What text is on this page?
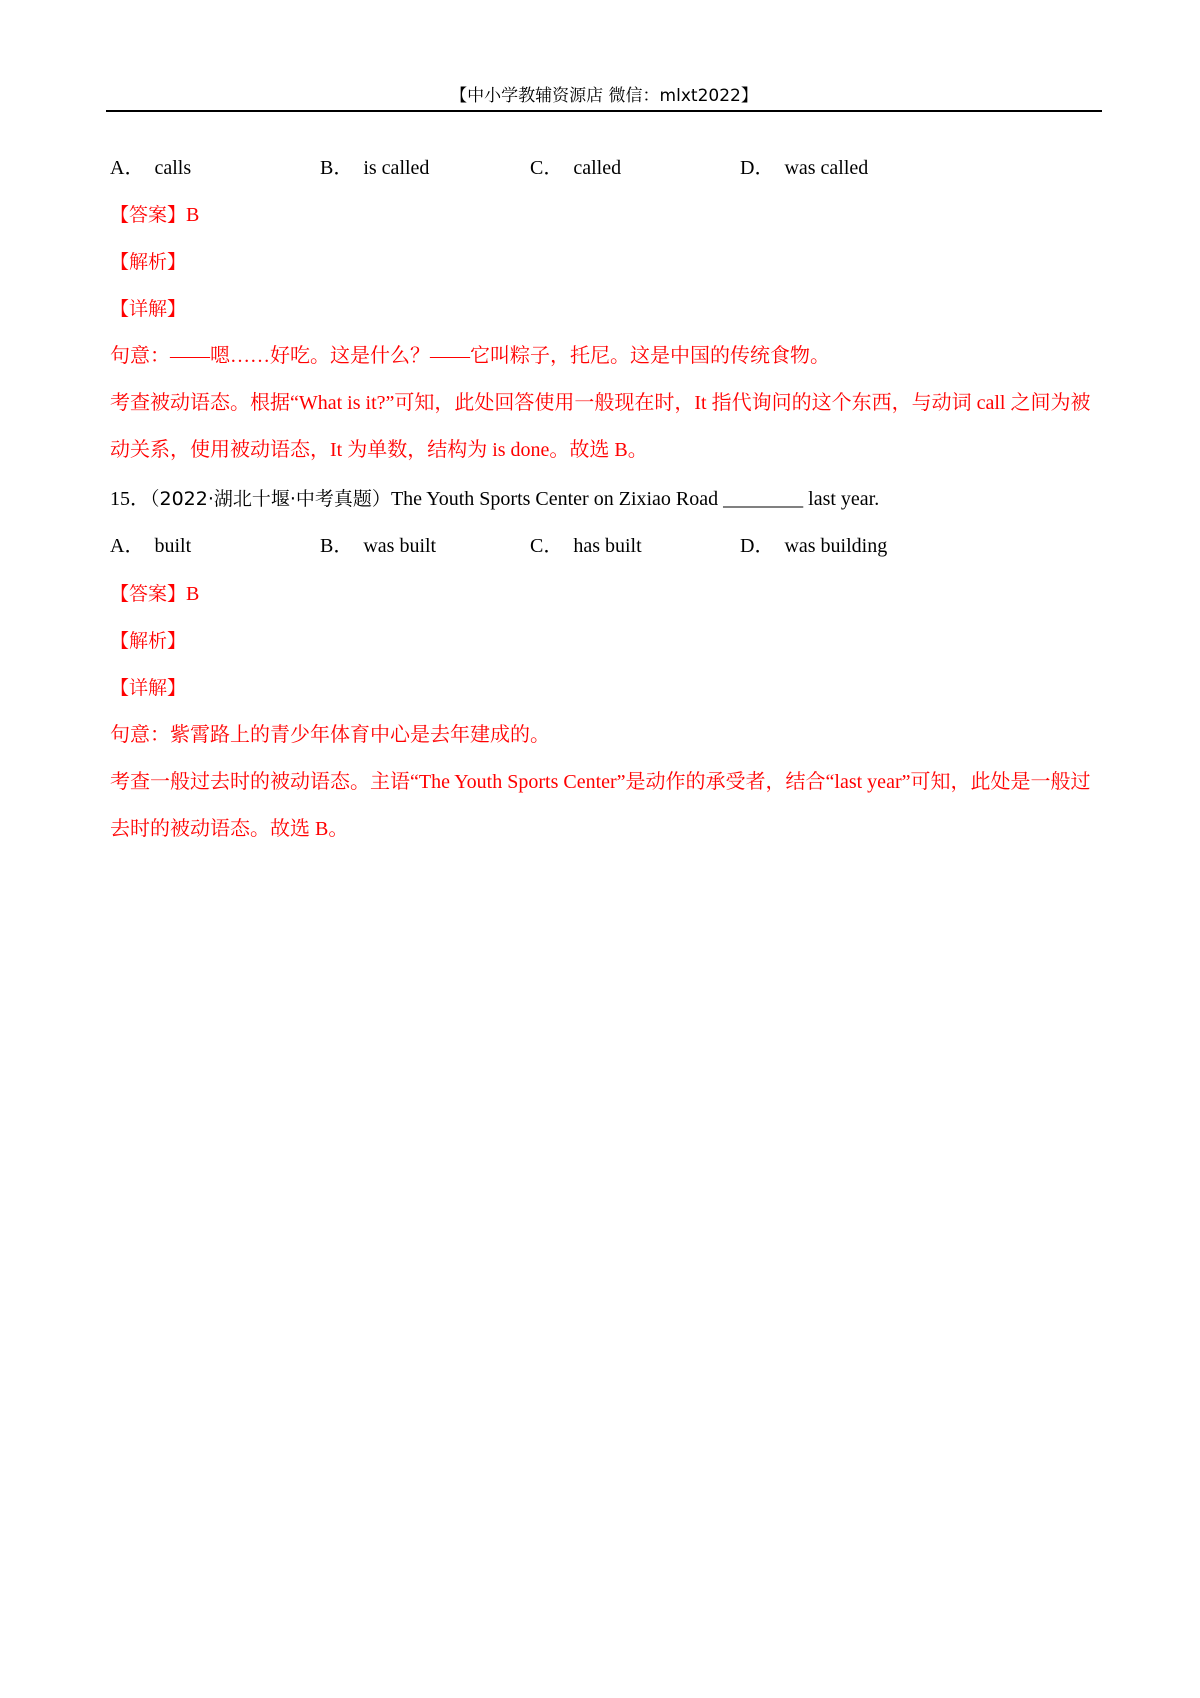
【中小学教辅资源店 微信：mlxt2022】
A． calls	B． is called	C． called	D． was called
【答案】B
【解析】
【详解】
句意：——嗯……好吃。这是什么？——它叫粽子，托尼。这是中国的传统食物。
考查被动语态。根据“What is it?”可知，此处回答使用一般现在时，It 指代询问的这个东西，与动词 call 之间为被动关系，使用被动语态，It 为单数，结构为 is done。故选 B。
15．（2022·湖北十堰·中考真题）The Youth Sports Center on Zixiao Road ________ last year.
A． built	B． was built	C． has built	D． was building
【答案】B
【解析】
【详解】
句意：紫霄路上的青少年体育中心是去年建成的。
考查一般过去时的被动语态。主语“The Youth Sports Center”是动作的承受者，结合“last year”可知，此处是一般过去时的被动语态。故选 B。
